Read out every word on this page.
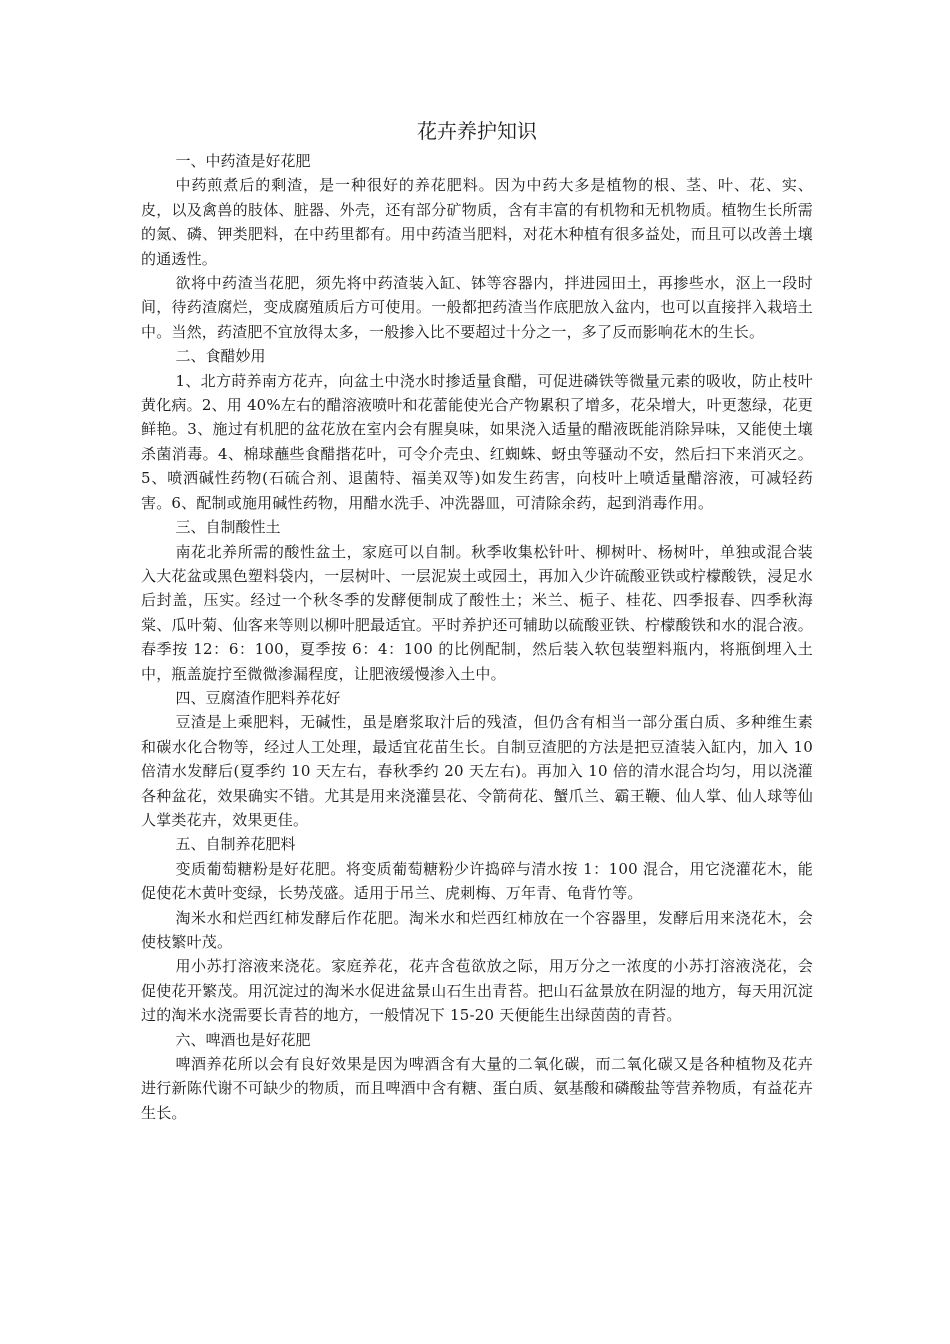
花卉养护知识

一、中药渣是好花肥

中药煎煮后的剩渣，是一种很好的养花肥料。因为中药大多是植物的根、茎、叶、花、实、皮，以及禽兽的肢体、脏器、外壳，还有部分矿物质，含有丰富的有机物和无机物质。植物生长所需的氮、磷、钾类肥料，在中药里都有。用中药渣当肥料，对花木种植有很多益处，而且可以改善土壤的通透性。

欲将中药渣当花肥，须先将中药渣装入缸、钵等容器内，拌进园田土，再掺些水，沤上一段时间，待药渣腐烂，变成腐殖质后方可使用。一般都把药渣当作底肥放入盆内，也可以直接拌入栽培土中。当然，药渣肥不宜放得太多，一般掺入比不要超过十分之一，多了反而影响花木的生长。

二、食醋妙用

1、北方莳养南方花卉，向盆土中浇水时掺适量食醋，可促进磷铁等微量元素的吸收，防止枝叶黄化病。2、用 40%左右的醋溶液喷叶和花蕾能使光合产物累积了增多，花朵增大，叶更葱绿，花更鲜艳。3、施过有机肥的盆花放在室内会有腥臭味，如果浇入适量的醋液既能消除异味，又能使土壤杀菌消毒。4、棉球蘸些食醋揩花叶，可令介壳虫、红蜘蛛、蚜虫等骚动不安，然后扫下来消灭之。5、喷洒碱性药物(石硫合剂、退菌特、福美双等)如发生药害，向枝叶上喷适量醋溶液，可减轻药害。6、配制或施用碱性药物，用醋水洗手、冲洗器皿，可清除余药，起到消毒作用。

三、自制酸性土

南花北养所需的酸性盆土，家庭可以自制。秋季收集松针叶、柳树叶、杨树叶，单独或混合装入大花盆或黑色塑料袋内，一层树叶、一层泥炭土或园土，再加入少许硫酸亚铁或柠檬酸铁，浸足水后封盖，压实。经过一个秋冬季的发酵便制成了酸性土；米兰、栀子、桂花、四季报春、四季秋海棠、瓜叶菊、仙客来等则以柳叶肥最适宜。平时养护还可辅助以硫酸亚铁、柠檬酸铁和水的混合液。春季按 12：6：100，夏季按 6：4：100 的比例配制，然后装入软包装塑料瓶内，将瓶倒埋入土中，瓶盖旋拧至微微渗漏程度，让肥液缓慢渗入土中。

四、豆腐渣作肥料养花好

豆渣是上乘肥料，无碱性，虽是磨浆取汁后的残渣，但仍含有相当一部分蛋白质、多种维生素和碳水化合物等，经过人工处理，最适宜花苗生长。自制豆渣肥的方法是把豆渣装入缸内，加入 10 倍清水发酵后(夏季约 10 天左右，春秋季约 20 天左右)。再加入 10 倍的清水混合均匀，用以浇灌各种盆花，效果确实不错。尤其是用来浇灌昙花、令箭荷花、蟹爪兰、霸王鞭、仙人掌、仙人球等仙人掌类花卉，效果更佳。

五、自制养花肥料

变质葡萄糖粉是好花肥。将变质葡萄糖粉少许捣碎与清水按 1：100 混合，用它浇灌花木，能促使花木黄叶变绿，长势茂盛。适用于吊兰、虎刺梅、万年青、龟背竹等。

淘米水和烂西红柿发酵后作花肥。淘米水和烂西红柿放在一个容器里，发酵后用来浇花木，会使枝繁叶茂。

用小苏打溶液来浇花。家庭养花，花卉含苞欲放之际，用万分之一浓度的小苏打溶液浇花，会促使花开繁茂。用沉淀过的淘米水促进盆景山石生出青苔。把山石盆景放在阴湿的地方，每天用沉淀过的淘米水浇需要长青苔的地方，一般情况下 15-20 天便能生出绿茵茵的青苔。

六、啤酒也是好花肥

啤酒养花所以会有良好效果是因为啤酒含有大量的二氧化碳，而二氧化碳又是各种植物及花卉进行新陈代谢不可缺少的物质，而且啤酒中含有糖、蛋白质、氨基酸和磷酸盐等营养物质，有益花卉生长。
